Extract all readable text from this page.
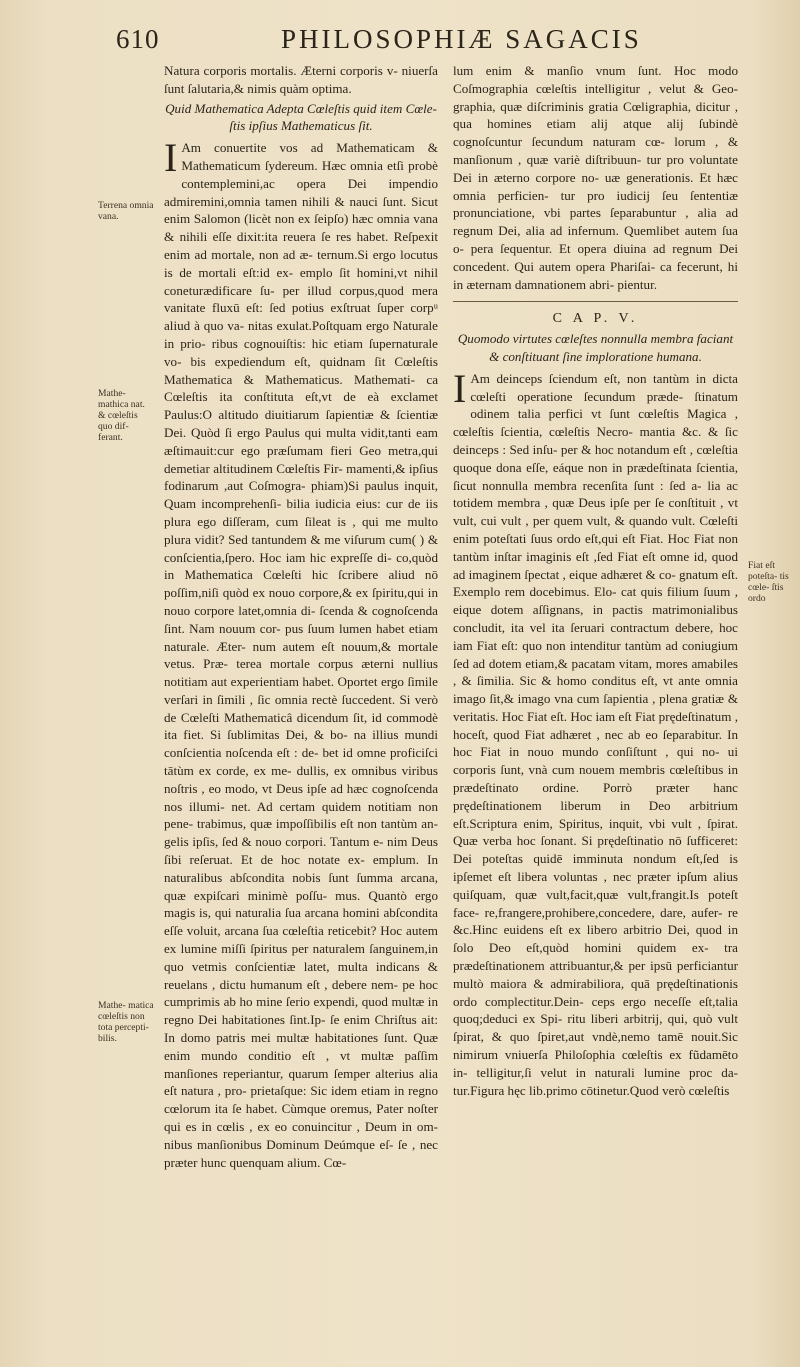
610	PHILOSOPHIÆ SAGACIS
Terrena omnia vana.
Mathe- mathica nat. & cœleſtis quo dif- ferant.
Mathe- matica cœleſtis non tota percepti- bilis.
Fiat eſt poteſta- tis cœle- ſtis ordo

Natura corporis mortalis. Æterni corporis v- niuerſa ſunt ſalutaria,& nimis quàm optima.

Quid Mathematica Adepta Cœleſtis quid item Cœle- ſtis ipſius Mathematicus ſit.

I Am conuertite vos ad Mathematicam & Mathematicum ſydereum. Hæc omnia etſi probè contemplemini,ac opera Dei impendio admiremini,omnia tamen nihili & nauci ſunt. Sicut enim Salomon (licèt non ex ſeipſo) hæc omnia vana & nihili eſſe dixit:ita reuera ſe res habet. Reſpexit enim ad mortale, non ad æ- ternum.Si ergo locutus is de mortali eſt:id ex- emplo ſit homini,vt nihil coneturædificare ſu- per illud corpus,quod mera vanitate fluxū eſt: ſed potius exſtruat ſuper corpᵘ aliud à quo va- nitas exulat.Poſtquam ergo Naturale in prio- ribus cognouiſtis: hic etiam ſupernaturale vo- bis expediendum eſt, quidnam ſit Cœleſtis Mathematica & Mathematicus. Mathemati- ca Cœleſtis ita conſtituta eſt,vt de eà exclamet Paulus:O altitudo diuitiarum ſapientiæ & ſcientiæ Dei. Quòd ſi ergo Paulus qui multa vidit,tanti eam æſtimauit:cur ego præſumam fieri Geo metra,qui demetiar altitudinem Cœleſtis Fir- mamenti,& ipſius fodinarum ,aut Coſmogra- phiam)Si paulus inquit, Quam incomprehenſi- bilia iudicia eius: cur de iis plura ego diſſeram, cum ſileat is , qui me multo plura vidit? Sed tantundem & me viſurum cum( ) & conſcientia,ſpero. Hoc iam hic expreſſe di- co,quòd in Mathematica Cœleſti hic ſcribere aliud nō poſſim,niſi quòd ex nouo corpore,& ex ſpiritu,qui in nouo corpore latet,omnia di- ſcenda & cognoſcenda ſint. Nam nouum cor- pus ſuum lumen habet etiam naturale. Æter- num autem eſt nouum,& mortale vetus. Præ- terea mortale corpus æterni nullius notitiam aut experientiam habet. Oportet ergo ſimile verſari in ſimili , ſic omnia rectè ſuccedent. Si verò de Cœleſti Mathematicâ dicendum ſit, id commodè ita fiet. Si ſublimitas Dei, & bo- na illius mundi conſcientia noſcenda eſt : de- bet id omne proficiſci tātùm ex corde, ex me- dullis, ex omnibus viribus noſtris , eo modo, vt Deus ipſe ad hæc cognoſcenda nos illumi- net. Ad certam quidem notitiam non pene- trabimus, quæ impoſſibilis eſt non tantùm an- gelis ipſis, ſed & nouo corpori. Tantum e- nim Deus ſibi reſeruat. Et de hoc notate ex- emplum. In naturalibus abſcondita nobis ſunt ſumma arcana, quæ expiſcari minimè poſſu- mus. Quantò ergo magis is, qui naturalia ſua arcana homini abſcondita eſſe voluit, arcana ſua cœleſtia reticebit? Hoc autem ex lumine miſſi ſpiritus per naturalem ſanguinem,in quo vetmis conſcientiæ latet, multa indicans & reuelans , dictu humanum eſt , debere nem- pe hoc cumprimis ab ho mine ſerio expendi, quod multæ in regno Dei habitationes ſint.Ip- ſe enim Chriſtus ait: In domo patris mei multæ habitationes ſunt. Quæ enim mundo conditio eſt , vt multæ paſſim manſiones reperiantur, quarum ſemper alterius alia eſt natura , pro- prietaſque: Sic idem etiam in regno cœlorum ita ſe habet. Cùmque oremus, Pater noſter qui es in cœlis , ex eo conuincitur , Deum in om- nibus manſionibus Dominum Deúmque eſ- ſe , nec præter hunc quenquam alium. Cœ-

lum enim & manſio vnum ſunt. Hoc modo Coſmographia cœleſtis intelligitur , velut & Geo- graphia, quæ diſcriminis gratia Cœligraphia, dicitur , qua homines etiam alij atque alij ſubindè cognoſcuntur ſecundum naturam cœ- lorum , & manſionum , quæ variè diſtribuun- tur pro voluntate Dei in æterno corpore no- uæ generationis. Et hæc omnia perficien- tur pro iudicij ſeu ſententiæ pronunciatione, vbi partes ſeparabuntur , alia ad regnum Dei, alia ad infernum. Quemlibet autem ſua o- pera ſequentur. Et opera diuina ad regnum Dei concedent. Qui autem opera Phariſai- ca fecerunt, hi in æternam damnationem abri- pientur.

C A P. V.

Quomodo virtutes cœleſtes nonnulla membra faciant & conſtituant ſine imploratione humana.

I Am deinceps ſciendum eſt, non tantùm in dicta cœleſti operatione ſecundum præde- ſtinatum odinem talia perfici vt ſunt cœleſtis Magica , cœleſtis ſcientia, cœleſtis Necro- mantia &c. & ſic deinceps : Sed inſu- per & hoc notandum eſt , cœleſtia quoque dona eſſe, eáque non in prædeſtinata ſcientia, ſicut nonnulla membra recenſita ſunt : ſed a- lia ac totidem membra , quæ Deus ipſe per ſe conſtituit , vt vult, cui vult , per quem vult, & quando vult. Cœleſti enim poteſtati ſuus ordo eſt,qui eſt Fiat. Hoc Fiat non tantùm inſtar imaginis eſt ,ſed Fiat eſt omne id, quod ad imaginem ſpectat , eique adhæret & co- gnatum eſt. Exemplo rem docebimus. Elo- cat quis filium ſuum , eique dotem aſſignans, in pactis matrimonialibus concludit, ita vel ita ſeruari contractum debere, hoc iam Fiat eſt: quo non intenditur tantùm ad coniugium ſed ad dotem etiam,& pacatam vitam, mores amabiles , & ſimilia. Sic & homo conditus eſt, vt ante omnia imago ſit,& imago vna cum ſapientia , plena gratiæ & veritatis. Hoc Fiat eſt. Hoc iam eſt Fiat prędeſtinatum , hoceſt, quod Fiat adhæret , nec ab eo ſeparabitur. In hoc Fiat in nouo mundo conſiſtunt , qui no- ui corporis ſunt, vnà cum nouem membris cœleſtibus in prædeſtinato ordine. Porrò præter hanc prędeſtinationem liberum in Deo arbitrium eſt.Scriptura enim, Spiritus, inquit, vbi vult , ſpirat. Quæ verba hoc ſonant. Si prędeſtinatio nō ſufficeret: Dei poteſtas quidē imminuta nondum eſt,ſed is ipſemet eſt libera voluntas , nec præter ipſum alius quiſquam, quæ vult,facit,quæ vult,frangit.Is poteſt face- re,frangere,prohibere,concedere, dare, aufer- re &c.Hinc euidens eſt ex libero arbitrio Dei, quod in ſolo Deo eſt,quòd homini quidem ex- tra prædeſtinationem attribuantur,& per ipsū perficiantur multò maiora & admirabiliora, quā prędeſtinationis ordo complectitur.Dein- ceps ergo neceſſe eſt,talia quoq;deduci ex Spi- ritu liberi arbitrij, qui, quò vult ſpirat, & quo ſpiret,aut vndè,nemo tamē nouit.Sic nimirum vniuerſa Philoſophia cœleſtis ex fũdamēto in- telligitur,ſi velut in naturali lumine proc da- tur.Figura hęc lib.primo cōtinetur.Quod verò cœleſtis
